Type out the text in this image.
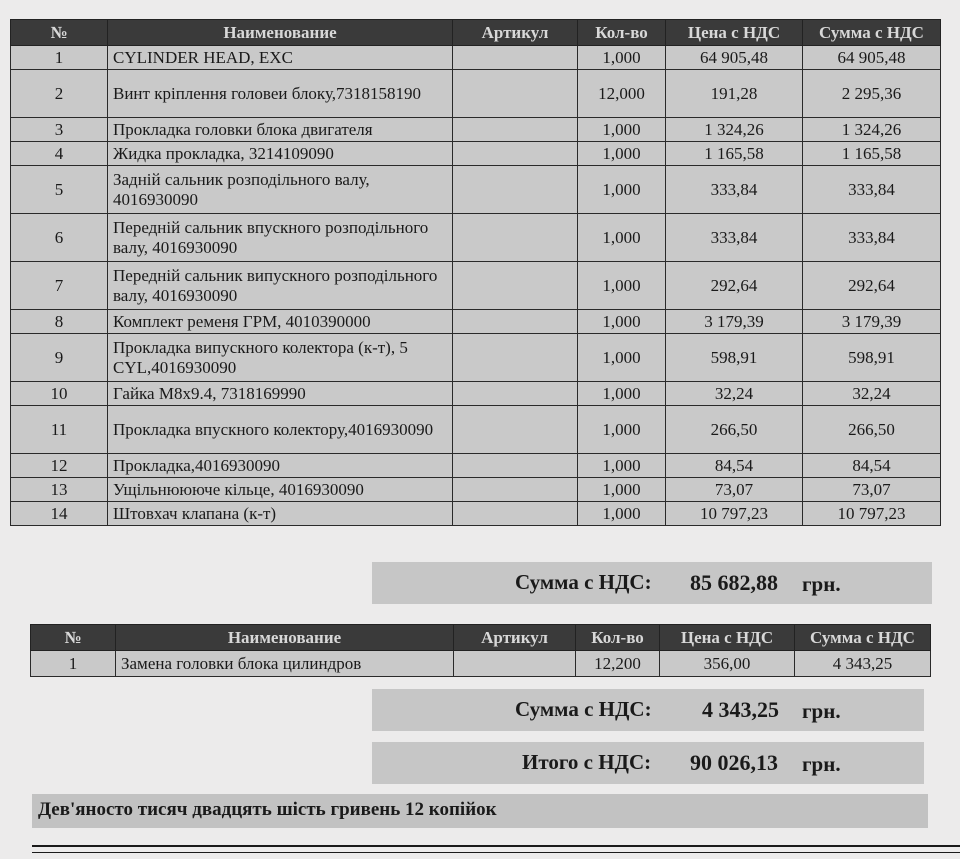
№	Наименование	Артикул	Кол-во	Цена с НДС	Сумма с НДС
1	CYLINDER HEAD, EXC		1,000	64 905,48	64 905,48
2	Винт кріплення головеи блоку,7318158190		12,000	191,28	2 295,36
3	Прокладка головки блока двигателя		1,000	1 324,26	1 324,26
4	Жидка прокладка, 3214109090		1,000	1 165,58	1 165,58
5	Задній сальник розподільного валу, 4016930090		1,000	333,84	333,84
6	Передній сальник впускного розподільного валу, 4016930090		1,000	333,84	333,84
7	Передній сальник випускного розподільного валу, 4016930090		1,000	292,64	292,64
8	Комплект ременя ГРМ, 4010390000		1,000	3 179,39	3 179,39
9	Прокладка випускного колектора (к-т), 5 CYL,4016930090		1,000	598,91	598,91
10	Гайка M8x9.4, 7318169990		1,000	32,24	32,24
11	Прокладка впускного колектору,4016930090		1,000	266,50	266,50
12	Прокладка,4016930090		1,000	84,54	84,54
13	Ущільнюююче кільце, 4016930090		1,000	73,07	73,07
14	Штовхач клапана (к-т)		1,000	10 797,23	10 797,23
Сумма с НДС: 85 682,88 грн.
№	Наименование	Артикул	Кол-во	Цена с НДС	Сумма с НДС
1	Замена головки блока цилиндров		12,200	356,00	4 343,25
Сумма с НДС: 4 343,25 грн.
Итого с НДС: 90 026,13 грн.
Дев'яносто тисяч двадцять шість гривень 12 копійок
